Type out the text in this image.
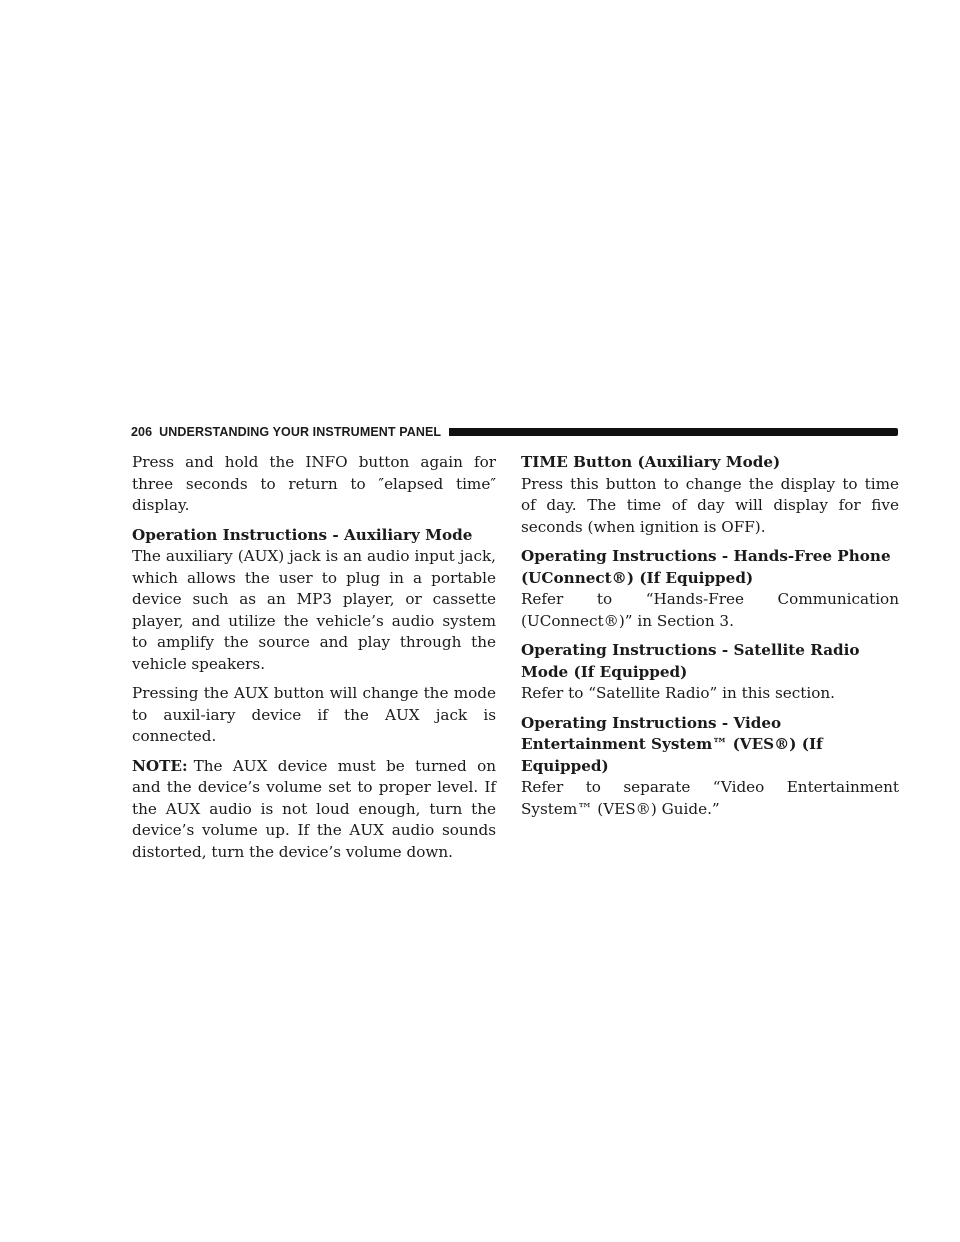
206 UNDERSTANDING YOUR INSTRUMENT PANEL

Press and hold the INFO button again for three seconds to return to ″elapsed time″ display.

Operation Instructions - Auxiliary Mode

The auxiliary (AUX) jack is an audio input jack, which allows the user to plug in a portable device such as an MP3 player, or cassette player, and utilize the vehicle’s audio system to amplify the source and play through the vehicle speakers.

Pressing the AUX button will change the mode to auxil-iary device if the AUX jack is connected.

NOTE: The AUX device must be turned on and the device’s volume set to proper level. If the AUX audio is not loud enough, turn the device’s volume up. If the AUX audio sounds distorted, turn the device’s volume down.

TIME Button (Auxiliary Mode)

Press this button to change the display to time of day. The time of day will display for five seconds (when ignition is OFF).

Operating Instructions - Hands-Free Phone (UConnect®) (If Equipped)

Refer to “Hands-Free Communication (UConnect®)” in Section 3.

Operating Instructions - Satellite Radio Mode (If Equipped)

Refer to “Satellite Radio” in this section.

Operating Instructions - Video Entertainment System™ (VES®) (If Equipped)

Refer to separate “Video Entertainment System™ (VES®) Guide.”
